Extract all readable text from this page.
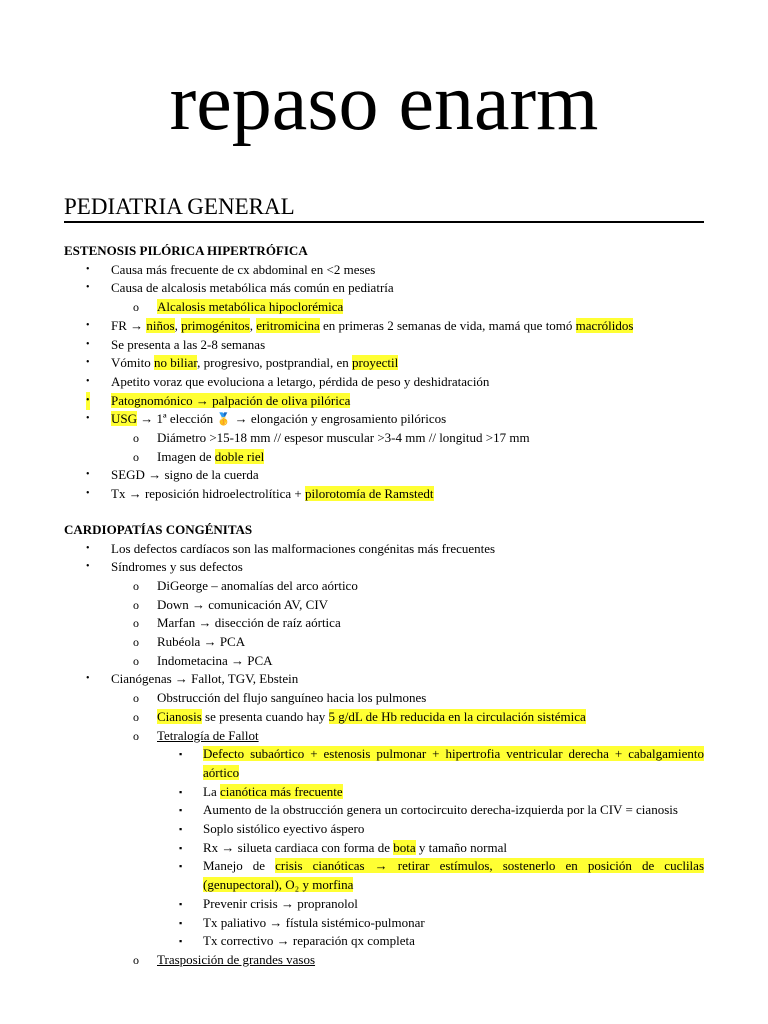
repaso enarm
PEDIATRIA GENERAL

ESTENOSIS PILÓRICA HIPERTRÓFICA

• Causa más frecuente de cx abdominal en <2 meses
• Causa de alcalosis metabólica más común en pediatría
o Alcalosis metabólica hipoclorémica
• FR → niños, primogénitos, eritromicina en primeras 2 semanas de vida, mamá que tomó macrólidos
• Se presenta a las 2-8 semanas
• Vómito no biliar, progresivo, postprandial, en proyectil
• Apetito voraz que evoluciona a letargo, pérdida de peso y deshidratación
• Patognomónico → palpación de oliva pilórica
• USG → 1ª elección 🥇 → elongación y engrosamiento pilóricos
o Diámetro >15-18 mm // espesor muscular >3-4 mm // longitud >17 mm
o Imagen de doble riel
• SEGD → signo de la cuerda
• Tx → reposición hidroelectrolítica + pilorotomía de Ramstedt

CARDIOPATÍAS CONGÉNITAS

• Los defectos cardíacos son las malformaciones congénitas más frecuentes
• Síndromes y sus defectos
o DiGeorge – anomalías del arco aórtico
o Down → comunicación AV, CIV
o Marfan → disección de raíz aórtica
o Rubéola → PCA
o Indometacina → PCA
• Cianógenas → Fallot, TGV, Ebstein
o Obstrucción del flujo sanguíneo hacia los pulmones
o Cianosis se presenta cuando hay 5 g/dL de Hb reducida en la circulación sistémica
o Tetralogía de Fallot
▪ Defecto subaórtico + estenosis pulmonar + hipertrofia ventricular derecha + cabalgamiento aórtico
▪ La cianótica más frecuente
▪ Aumento de la obstrucción genera un cortocircuito derecha-izquierda por la CIV = cianosis
▪ Soplo sistólico eyectivo áspero
▪ Rx → silueta cardiaca con forma de bota y tamaño normal
▪ Manejo de crisis cianóticas → retirar estímulos, sostenerlo en posición de cuclilas (genupectoral), O₂ y morfina
▪ Prevenir crisis → propranolol
▪ Tx paliativo → fístula sistémico-pulmonar
▪ Tx correctivo → reparación qx completa
o Trasposición de grandes vasos
